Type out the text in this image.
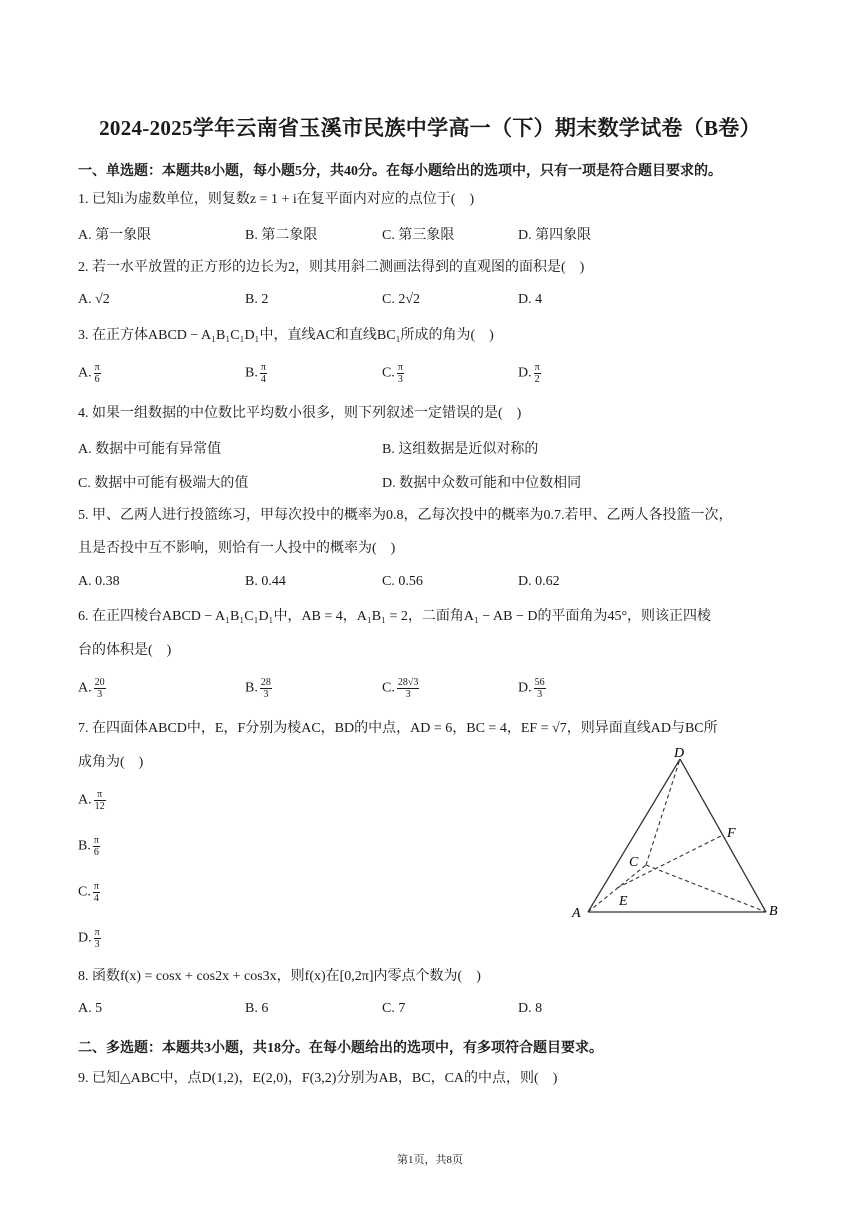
2024-2025学年云南省玉溪市民族中学高一（下）期末数学试卷（B卷）
一、单选题：本题共8小题，每小题5分，共40分。在每小题给出的选项中，只有一项是符合题目要求的。
1. 已知i为虚数单位，则复数z = 1 + i在复平面内对应的点位于(　)
A. 第一象限	B. 第二象限	C. 第三象限	D. 第四象限
2. 若一水平放置的正方形的边长为2，则其用斜二测画法得到的直观图的面积是(　)
A. √2	B. 2	C. 2√2	D. 4
3. 在正方体ABCD − A₁B₁C₁D₁中，直线AC和直线BC₁所成的角为(　)
A. $\frac{\pi}{6}$	B. $\frac{\pi}{4}$	C. $\frac{\pi}{3}$	D. $\frac{\pi}{2}$
4. 如果一组数据的中位数比平均数小很多，则下列叙述一定错误的是(　)
A. 数据中可能有异常值	B. 这组数据是近似对称的
C. 数据中可能有极端大的值	D. 数据中众数可能和中位数相同
5. 甲、乙两人进行投篮练习，甲每次投中的概率为0.8，乙每次投中的概率为0.7.若甲、乙两人各投篮一次，
且是否投中互不影响，则恰有一人投中的概率为(　)
A. 0.38	B. 0.44	C. 0.56	D. 0.62
6. 在正四棱台ABCD − A₁B₁C₁D₁中，AB = 4，A₁B₁ = 2，二面角A₁ − AB − D的平面角为45°，则该正四棱
台的体积是(　)
A. $\frac{20}{3}$	B. $\frac{28}{3}$	C. $\frac{28√3}{3}$	D. $\frac{56}{3}$
7. 在四面体ABCD中，E，F分别为棱AC，BD的中点，AD = 6，BC = 4，EF = √7，则异面直线AD与BC所
成角为(　)
A. $\frac{\pi}{12}$
B. $\frac{\pi}{6}$
C. $\frac{\pi}{4}$
D. $\frac{\pi}{3}$
D
F
C
E
A	B
8. 函数f(x) = cosx + cos2x + cos3x，则f(x)在[0,2π]内零点个数为(　)
A. 5	B. 6	C. 7	D. 8
二、多选题：本题共3小题，共18分。在每小题给出的选项中，有多项符合题目要求。
9. 已知△ABC中，点D(1,2)，E(2,0)，F(3,2)分别为AB，BC，CA的中点，则(　)
第1页，共8页
